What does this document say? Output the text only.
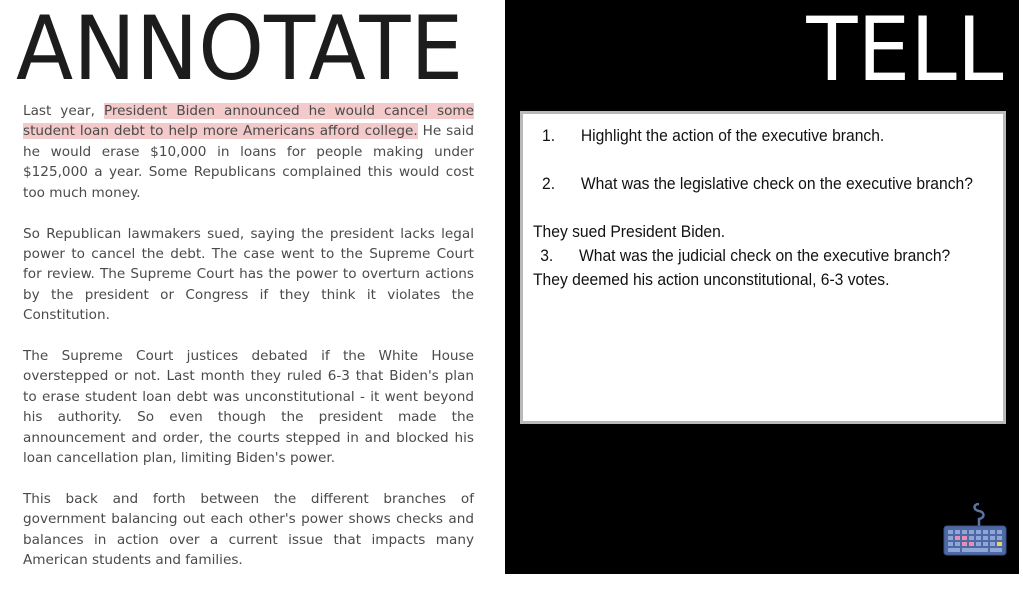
ANNOTATE

Last year, President Biden announced he would cancel some student loan debt to help more Americans afford college. He said he would erase $10,000 in loans for people making under $125,000 a year. Some Republicans complained this would cost too much money.

So Republican lawmakers sued, saying the president lacks legal power to cancel the debt. The case went to the Supreme Court for review. The Supreme Court has the power to overturn actions by the president or Congress if they think it violates the Constitution.

The Supreme Court justices debated if the White House overstepped or not. Last month they ruled 6-3 that Biden's plan to erase student loan debt was unconstitutional - it went beyond his authority. So even though the president made the announcement and order, the courts stepped in and blocked his loan cancellation plan, limiting Biden's power.

This back and forth between the different branches of government balancing out each other's power shows checks and balances in action over a current issue that impacts many American students and families.

TELL
1.	Highlight the action of the executive branch.
2.	What was the legislative check on the executive branch?
They sued President Biden.
3.	What was the judicial check on the executive branch?
They deemed his action unconstitutional, 6-3 votes.
